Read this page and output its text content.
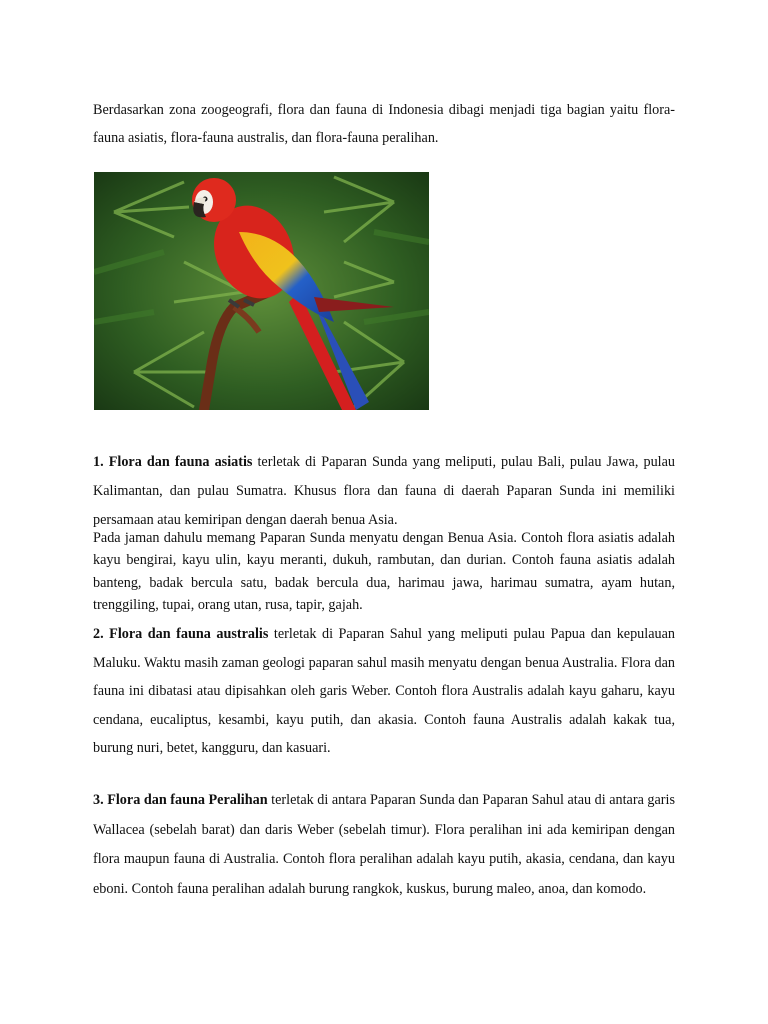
Berdasarkan zona zoogeografi, flora dan fauna di Indonesia dibagi menjadi tiga bagian yaitu flora-fauna asiatis, flora-fauna australis, dan flora-fauna peralihan.

1. Flora dan fauna asiatis terletak di Paparan Sunda yang meliputi, pulau Bali, pulau Jawa, pulau Kalimantan, dan pulau Sumatra. Khusus flora dan fauna di daerah Paparan Sunda ini memiliki persamaan atau kemiripan dengan daerah benua Asia.

Pada jaman dahulu memang Paparan Sunda menyatu dengan Benua Asia. Contoh flora asiatis adalah kayu bengirai, kayu ulin, kayu meranti, dukuh, rambutan, dan durian. Contoh fauna asiatis adalah banteng, badak bercula satu, badak bercula dua, harimau jawa, harimau sumatra, ayam hutan, trenggiling, tupai, orang utan, rusa, tapir, gajah.

2. Flora dan fauna australis terletak di Paparan Sahul yang meliputi pulau Papua dan kepulauan Maluku. Waktu masih zaman geologi paparan sahul masih menyatu dengan benua Australia. Flora dan fauna ini dibatasi atau dipisahkan oleh garis Weber. Contoh flora Australis adalah kayu gaharu, kayu cendana, eucaliptus, kesambi, kayu putih, dan akasia. Contoh fauna Australis adalah kakak tua, burung nuri, betet, kangguru, dan kasuari.

3. Flora dan fauna Peralihan terletak di antara Paparan Sunda dan Paparan Sahul atau di antara garis Wallacea (sebelah barat) dan daris Weber (sebelah timur). Flora peralihan ini ada kemiripan dengan flora maupun fauna di Australia. Contoh flora peralihan adalah kayu putih, akasia, cendana, dan kayu eboni. Contoh fauna peralihan adalah burung rangkok, kuskus, burung maleo, anoa, dan komodo.
